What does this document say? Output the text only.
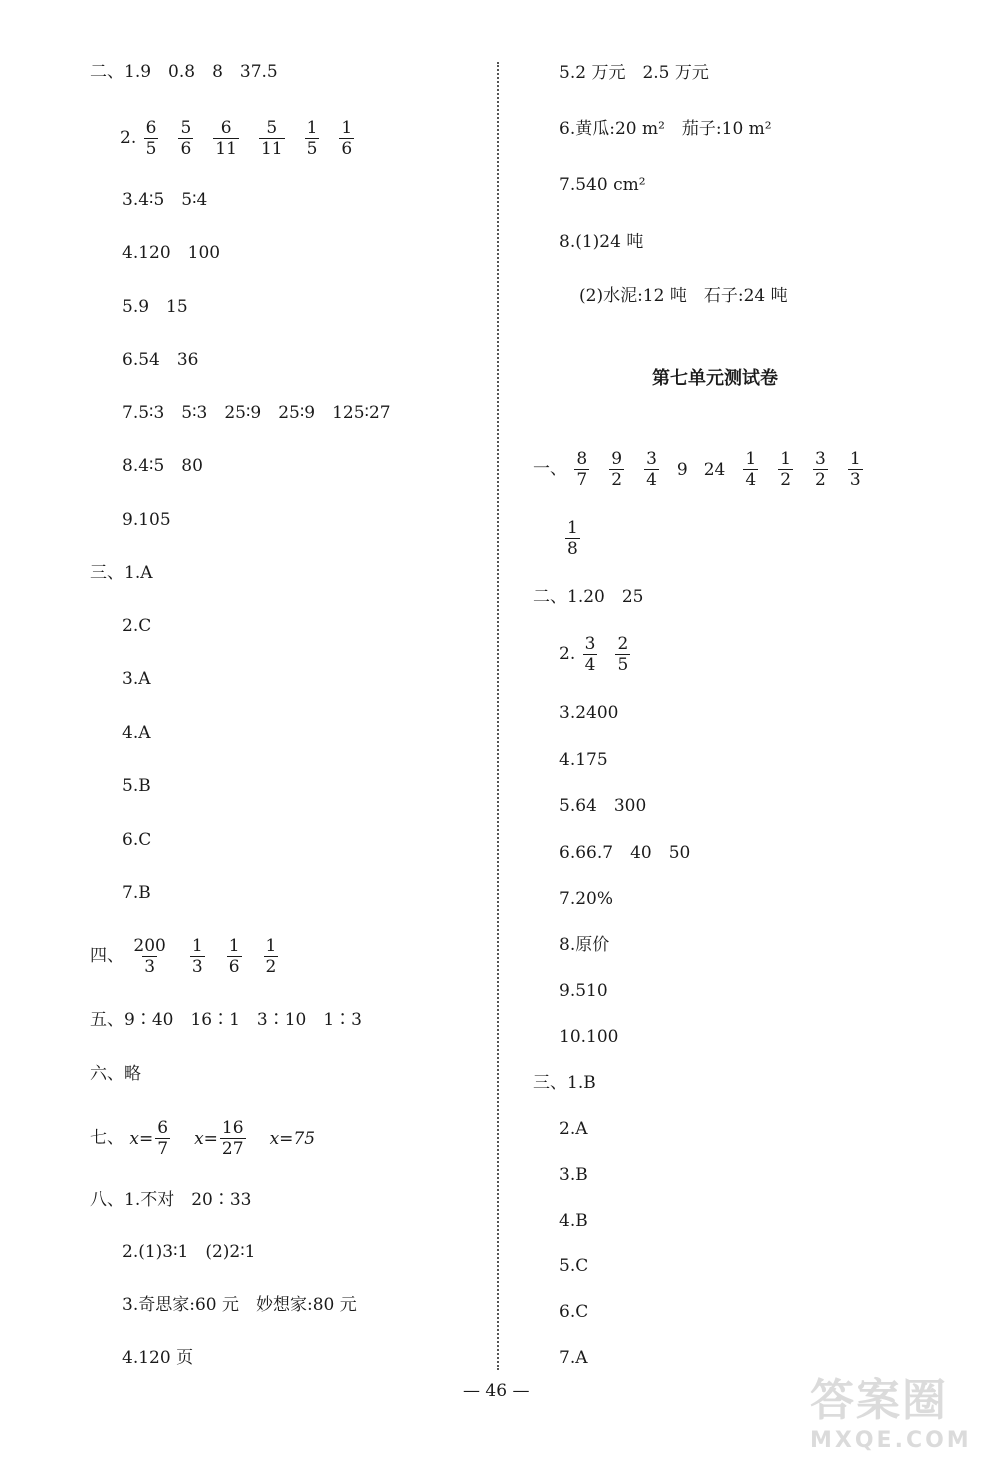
二、1.9　0.8　8　37.5
2. $\frac{6}{5} \frac{5}{6} \frac{6}{11} \frac{5}{11} \frac{1}{5} \frac{1}{6}$
3.4∶5　5∶4
4.120　100
5.9　15
6.54　36
7.5∶3　5∶3　25∶9　25∶9　125∶27
8.4∶5　80
9.105
三、1.A
2.C
3.A
4.A
5.B
6.C
7.B
四、 $\frac{200}{3} \frac{1}{3} \frac{1}{6} \frac{1}{2}$
五、9∶40　16∶1　3∶10　1∶3
六、略
七、 $x= \frac{6}{7} x= \frac{16}{27} x=75$
八、1.不对　20∶33
2.(1)3∶1　(2)2∶1
3.奇思家:60 元　妙想家:80 元
4.120 页
5.2 万元　2.5 万元
6.黄瓜:20 m²　茄子:10 m²
7.540 cm²
8.(1)24 吨
(2)水泥:12 吨　石子:24 吨
第七单元测试卷
一、 $\frac{8}{7} \frac{9}{2} \frac{3}{4} 9$ $24 \frac{1}{4} \frac{1}{2} \frac{3}{2} \frac{1}{3}$
$\frac{1}{8}$
二、1.20　25
2. $\frac{3}{4} \frac{2}{5}$
3.2400
4.175
5.64　300
6.66.7　40　50
7.20%
8.原价
9.510
10.100
三、1.B
2.A
3.B
4.B
5.C
6.C
7.A
— 46 —	答案圈
MXQE.COM
